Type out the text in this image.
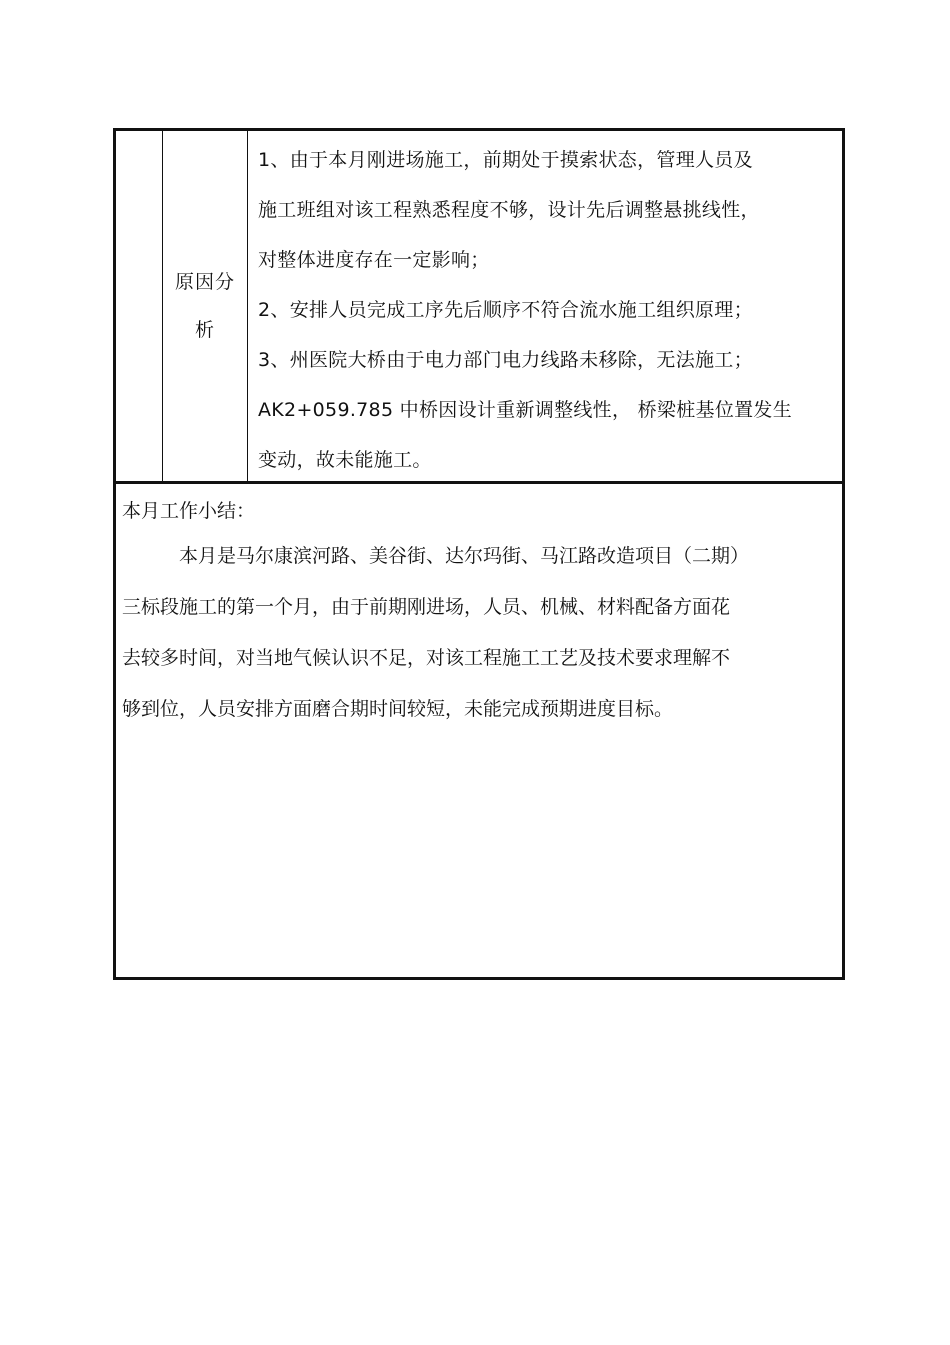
原因分
析
1、由于本月刚进场施工，前期处于摸索状态，管理人员及
施工班组对该工程熟悉程度不够，设计先后调整悬挑线性，
对整体进度存在一定影响；
2、安排人员完成工序先后顺序不符合流水施工组织原理；
3、州医院大桥由于电力部门电力线路未移除，无法施工；
AK2+059.785 中桥因设计重新调整线性， 桥梁桩基位置发生
变动，故未能施工。
本月工作小结：
本月是马尔康滨河路、美谷街、达尔玛街、马江路改造项目（二期）
三标段施工的第一个月，由于前期刚进场，人员、机械、材料配备方面花
去较多时间，对当地气候认识不足，对该工程施工工艺及技术要求理解不
够到位，人员安排方面磨合期时间较短，未能完成预期进度目标。
